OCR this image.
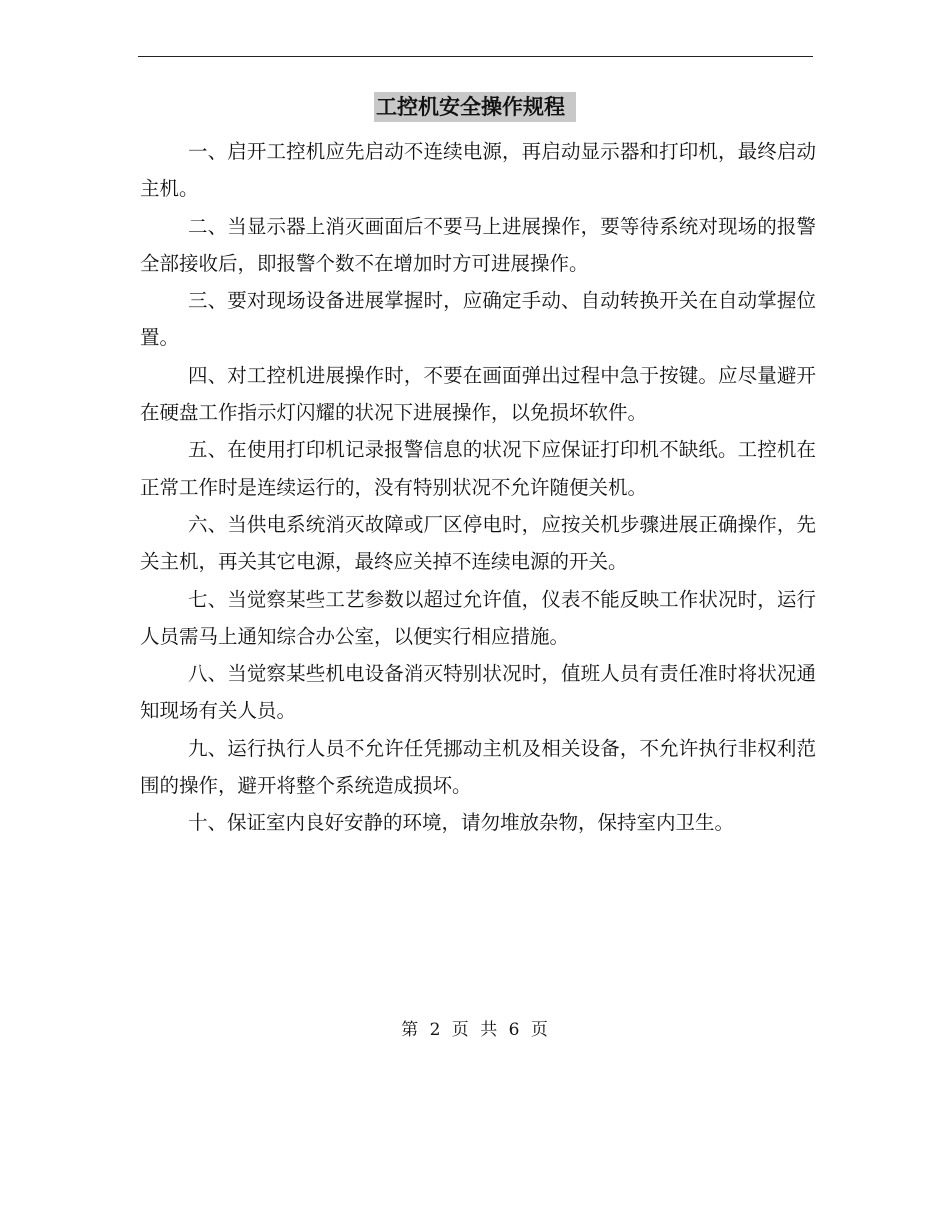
工控机安全操作规程

一、启开工控机应先启动不连续电源，再启动显示器和打印机，最终启动主机。

二、当显示器上消灭画面后不要马上进展操作，要等待系统对现场的报警全部接收后，即报警个数不在增加时方可进展操作。

三、要对现场设备进展掌握时，应确定手动、自动转换开关在自动掌握位置。

四、对工控机进展操作时，不要在画面弹出过程中急于按键。应尽量避开在硬盘工作指示灯闪耀的状况下进展操作，以免损坏软件。

五、在使用打印机记录报警信息的状况下应保证打印机不缺纸。工控机在正常工作时是连续运行的，没有特别状况不允许随便关机。

六、当供电系统消灭故障或厂区停电时，应按关机步骤进展正确操作，先关主机，再关其它电源，最终应关掉不连续电源的开关。

七、当觉察某些工艺参数以超过允许值，仪表不能反映工作状况时，运行人员需马上通知综合办公室，以便实行相应措施。

八、当觉察某些机电设备消灭特别状况时，值班人员有责任准时将状况通知现场有关人员。

九、运行执行人员不允许任凭挪动主机及相关设备，不允许执行非权利范围的操作，避开将整个系统造成损坏。

十、保证室内良好安静的环境，请勿堆放杂物，保持室内卫生。

第 2 页 共 6 页
